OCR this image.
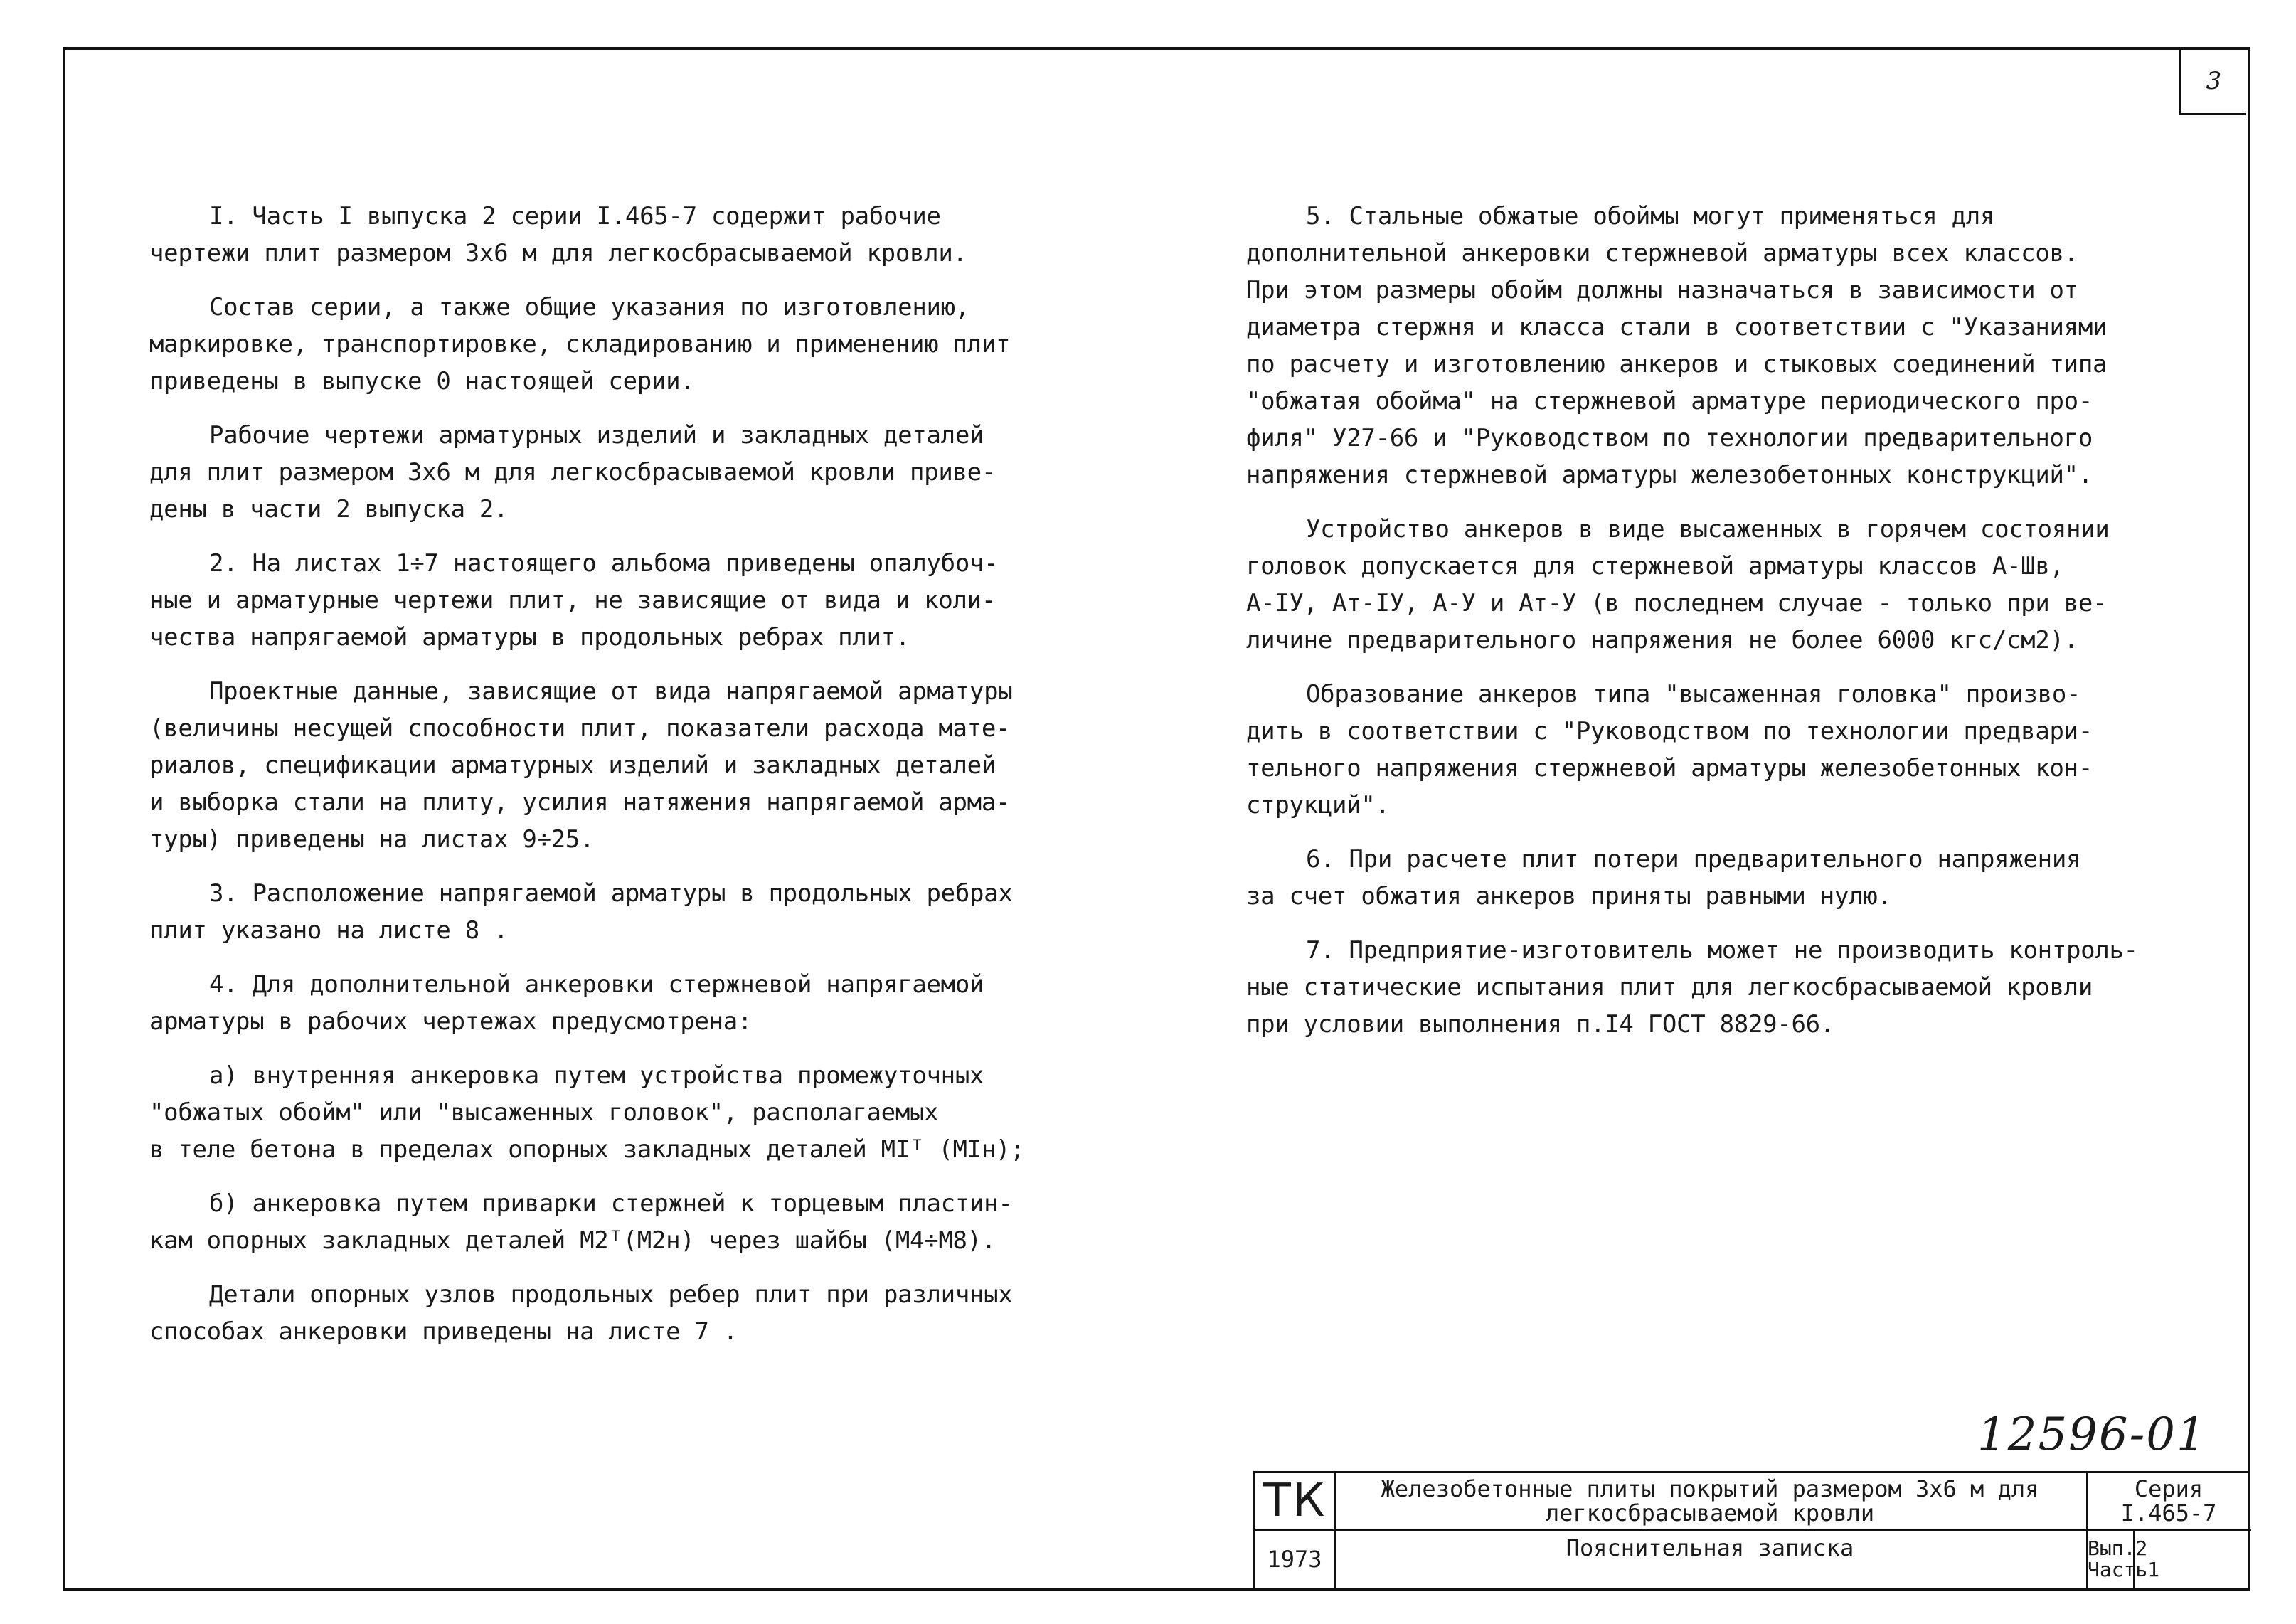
3
I. Часть I выпуска 2 серии I.465-7 содержит рабочие
чертежи плит размером 3х6 м для легкосбрасываемой кровли.
Состав серии, а также общие указания по изготовлению,
маркировке, транспортировке, складированию и применению плит
приведены в выпуске 0 настоящей серии.
Рабочие чертежи арматурных изделий и закладных деталей
для плит размером 3х6 м для легкосбрасываемой кровли приве-
дены в части 2 выпуска 2.
2. На листах 1÷7 настоящего альбома приведены опалубоч-
ные и арматурные чертежи плит, не зависящие от вида и коли-
чества напрягаемой арматуры в продольных ребрах плит.
Проектные данные, зависящие от вида напрягаемой арматуры
(величины несущей способности плит, показатели расхода мате-
риалов, спецификации арматурных изделий и закладных деталей
и выборка стали на плиту, усилия натяжения напрягаемой арма-
туры) приведены на листах 9÷25.
3. Расположение напрягаемой арматуры в продольных ребрах
плит указано на листе 8 .
4. Для дополнительной анкеровки стержневой напрягаемой
арматуры в рабочих чертежах предусмотрена:
а) внутренняя анкеровка путем устройства промежуточных
"обжатых обойм" или "высаженных головок", располагаемых
в теле бетона в пределах опорных закладных деталей MIᵀ (MIн);
б) анкеровка путем приварки стержней к торцевым пластин-
кам опорных закладных деталей M2ᵀ(M2н) через шайбы (M4÷M8).
Детали опорных узлов продольных ребер плит при различных
способах анкеровки приведены на листе 7 .
5. Стальные обжатые обоймы могут применяться для
дополнительной анкеровки стержневой арматуры всех классов.
При этом размеры обойм должны назначаться в зависимости от
диаметра стержня и класса стали в соответствии с "Указаниями
по расчету и изготовлению анкеров и стыковых соединений типа
"обжатая обойма" на стержневой арматуре периодического про-
филя" У27-66 и "Руководством по технологии предварительного
напряжения стержневой арматуры железобетонных конструкций".
Устройство анкеров в виде высаженных в горячем состоянии
головок допускается для стержневой арматуры классов А-Шв,
А-IУ, Ат-IУ, А-У и Ат-У (в последнем случае - только при ве-
личине предварительного напряжения не более 6000 кгс/см2).
Образование анкеров типа "высаженная головка" произво-
дить в соответствии с "Руководством по технологии предвари-
тельного напряжения стержневой арматуры железобетонных кон-
струкций".
6. При расчете плит потери предварительного напряжения
за счет обжатия анкеров приняты равными нулю.
7. Предприятие-изготовитель может не производить контроль-
ные статические испытания плит для легкосбрасываемой кровли
при условии выполнения п.I4 ГОСТ 8829-66.
12596-01
ТК
1973
Железобетонные плиты покрытий размером 3х6 м для
легкосбрасываемой кровли
Пояснительная записка
Серия
I.465-7
Вып.2
Часть1
